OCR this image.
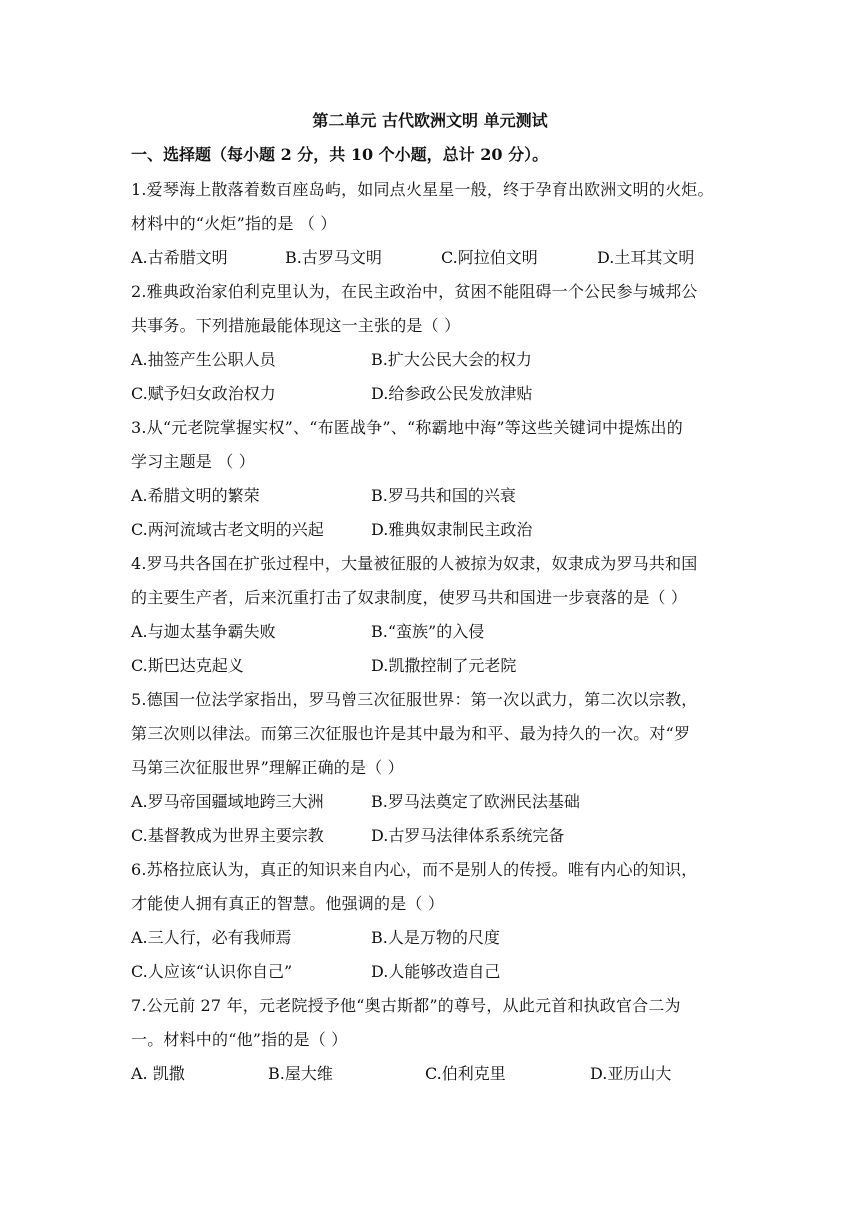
第二单元 古代欧洲文明 单元测试
一、选择题（每小题 2 分，共 10 个小题，总计 20 分）。
1.爱琴海上散落着数百座岛屿，如同点火星星一般，终于孕育出欧洲文明的火炬。
材料中的“火炬”指的是 （ ）
A.古希腊文明	B.古罗马文明	C.阿拉伯文明	D.土耳其文明
2.雅典政治家伯利克里认为，在民主政治中，贫困不能阻碍一个公民参与城邦公
共事务。下列措施最能体现这一主张的是（ ）
A.抽签产生公职人员	B.扩大公民大会的权力
C.赋予妇女政治权力	D.给参政公民发放津贴
3.从“元老院掌握实权”、“布匿战争”、“称霸地中海”等这些关键词中提炼出的
学习主题是 （ ）
A.希腊文明的繁荣	B.罗马共和国的兴衰
C.两河流域古老文明的兴起	D.雅典奴隶制民主政治
4.罗马共各国在扩张过程中，大量被征服的人被掠为奴隶，奴隶成为罗马共和国
的主要生产者，后来沉重打击了奴隶制度，使罗马共和国进一步衰落的是（ ）
A.与迦太基争霸失败	B.“蛮族”的入侵
C.斯巴达克起义	D.凯撒控制了元老院
5.德国一位法学家指出，罗马曾三次征服世界：第一次以武力，第二次以宗教，
第三次则以律法。而第三次征服也许是其中最为和平、最为持久的一次。对“罗
马第三次征服世界”理解正确的是（ ）
A.罗马帝国疆域地跨三大洲	B.罗马法奠定了欧洲民法基础
C.基督教成为世界主要宗教	D.古罗马法律体系系统完备
6.苏格拉底认为，真正的知识来自内心，而不是别人的传授。唯有内心的知识，
才能使人拥有真正的智慧。他强调的是（ ）
A.三人行，必有我师焉	B.人是万物的尺度
C.人应该“认识你自己”	D.人能够改造自己
7.公元前 27 年，元老院授予他“奥古斯都”的尊号，从此元首和执政官合二为
一。材料中的“他”指的是（ ）
A. 凯撒	B.屋大维	C.伯利克里	D.亚历山大
